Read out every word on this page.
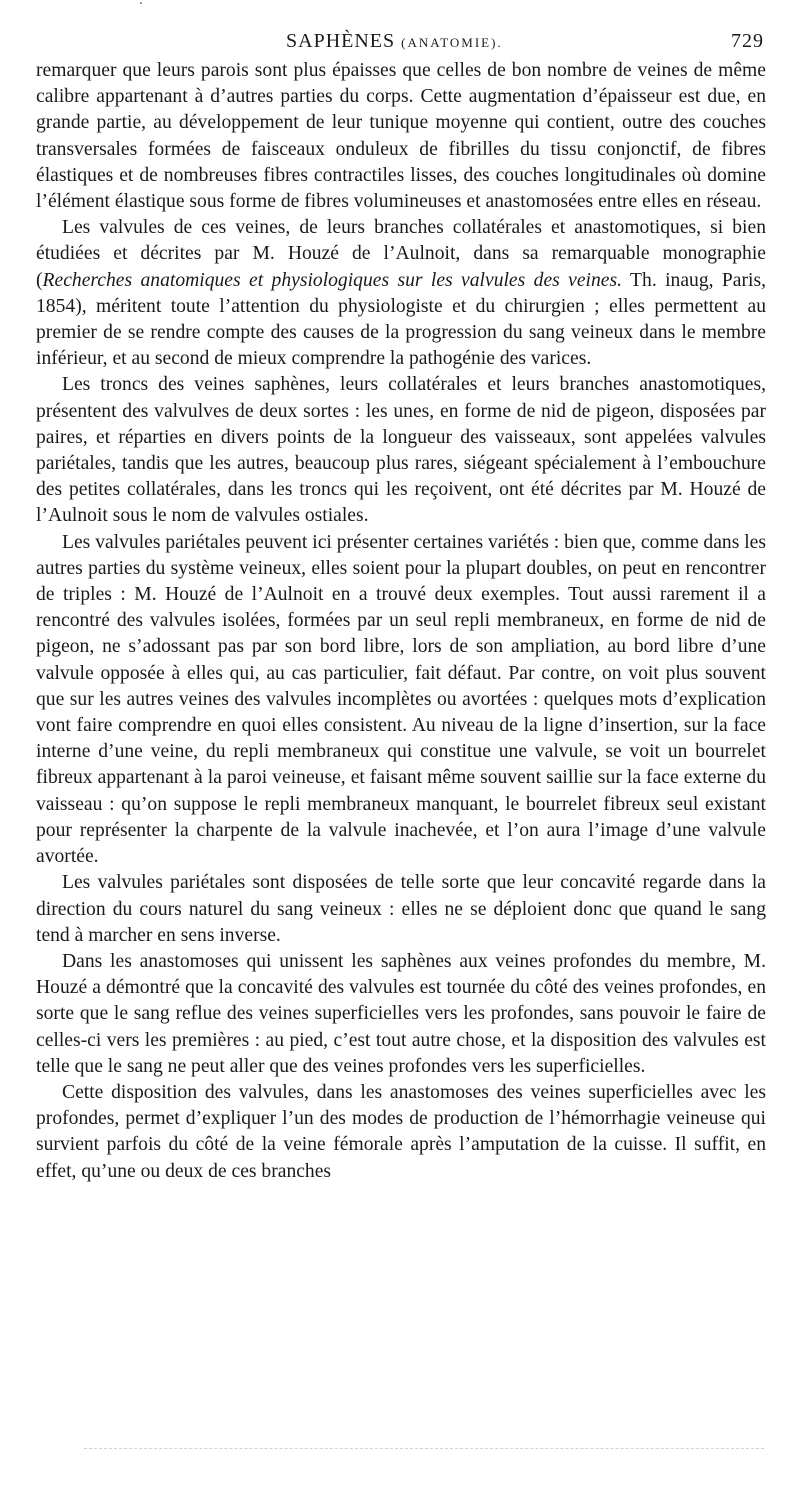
SAPHÈNES (ANATOMIE).	729

remarquer que leurs parois sont plus épaisses que celles de bon nombre de veines de même calibre appartenant à d’autres parties du corps. Cette augmentation d’épaisseur est due, en grande partie, au développement de leur tunique moyenne qui contient, outre des couches transversales formées de faisceaux onduleux de fibrilles du tissu conjonctif, de fibres élastiques et de nombreuses fibres contractiles lisses, des couches longitudinales où domine l’élément élastique sous forme de fibres volumineuses et anastomosées entre elles en réseau.

Les valvules de ces veines, de leurs branches collatérales et anastomotiques, si bien étudiées et décrites par M. Houzé de l’Aulnoit, dans sa remarquable monographie (Recherches anatomiques et physiologiques sur les valvules des veines. Th. inaug, Paris, 1854), méritent toute l’attention du physiologiste et du chirurgien ; elles permettent au premier de se rendre compte des causes de la progression du sang veineux dans le membre inférieur, et au second de mieux comprendre la pathogénie des varices.

Les troncs des veines saphènes, leurs collatérales et leurs branches anastomotiques, présentent des valvulves de deux sortes : les unes, en forme de nid de pigeon, disposées par paires, et réparties en divers points de la longueur des vaisseaux, sont appelées valvules pariétales, tandis que les autres, beaucoup plus rares, siégeant spécialement à l’embouchure des petites collatérales, dans les troncs qui les reçoivent, ont été décrites par M. Houzé de l’Aulnoit sous le nom de valvules ostiales.

Les valvules pariétales peuvent ici présenter certaines variétés : bien que, comme dans les autres parties du système veineux, elles soient pour la plupart doubles, on peut en rencontrer de triples : M. Houzé de l’Aulnoit en a trouvé deux exemples. Tout aussi rarement il a rencontré des valvules isolées, formées par un seul repli membraneux, en forme de nid de pigeon, ne s’adossant pas par son bord libre, lors de son ampliation, au bord libre d’une valvule opposée à elles qui, au cas particulier, fait défaut. Par contre, on voit plus souvent que sur les autres veines des valvules incomplètes ou avortées : quelques mots d’explication vont faire comprendre en quoi elles consistent. Au niveau de la ligne d’insertion, sur la face interne d’une veine, du repli membraneux qui constitue une valvule, se voit un bourrelet fibreux appartenant à la paroi veineuse, et faisant même souvent saillie sur la face externe du vaisseau : qu’on suppose le repli membraneux manquant, le bourrelet fibreux seul existant pour représenter la charpente de la valvule inachevée, et l’on aura l’image d’une valvule avortée.

Les valvules pariétales sont disposées de telle sorte que leur concavité regarde dans la direction du cours naturel du sang veineux : elles ne se déploient donc que quand le sang tend à marcher en sens inverse.

Dans les anastomoses qui unissent les saphènes aux veines profondes du membre, M. Houzé a démontré que la concavité des valvules est tournée du côté des veines profondes, en sorte que le sang reflue des veines superficielles vers les profondes, sans pouvoir le faire de celles-ci vers les premières : au pied, c’est tout autre chose, et la disposition des valvules est telle que le sang ne peut aller que des veines profondes vers les superficielles.

Cette disposition des valvules, dans les anastomoses des veines superficielles avec les profondes, permet d’expliquer l’un des modes de production de l’hémorrhagie veineuse qui survient parfois du côté de la veine fémorale après l’amputation de la cuisse. Il suffit, en effet, qu’une ou deux de ces branches
